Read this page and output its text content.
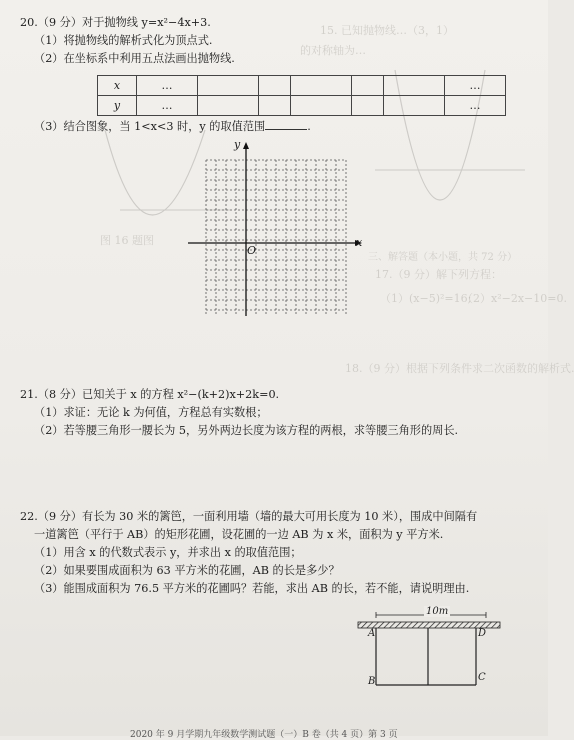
15. 已知抛物线…（3，1）
的对称轴为…
图 16 题图
三、解答题（本小题，共 72 分）
17.（9 分）解下列方程：
（1）(x−5)²=16;
（2）x²−2x−10=0.
18.（9 分）根据下列条件求二次函数的解析式.
20.（9 分）对于抛物线 y=x²−4x+3.
（1）将抛物线的解析式化为顶点式.
（2）在坐标系中利用五点法画出抛物线.
x	…						…
y	…						…
（3）结合图象，当 1<x<3 时，y 的取值范围	.
x
y
O
21.（8 分）已知关于 x 的方程 x²−(k+2)x+2k=0.
（1）求证：无论 k 为何值，方程总有实数根；
（2）若等腰三角形一腰长为 5，另外两边长度为该方程的两根，求等腰三角形的周长.
22.（9 分）有长为 30 米的篱笆，一面利用墙（墙的最大可用长度为 10 米），围成中间隔有
一道篱笆（平行于 AB）的矩形花圃，设花圃的一边 AB 为 x 米，面积为 y 平方米.
（1）用含 x 的代数式表示 y，并求出 x 的取值范围；
（2）如果要围成面积为 63 平方米的花圃，AB 的长是多少？
（3）能围成面积为 76.5 平方米的花圃吗？若能，求出 AB 的长，若不能，请说明理由.
10m
A	D
B	C
2020 年 9 月学期九年级数学测试题（一）B 卷（共 4 页）第 3 页
